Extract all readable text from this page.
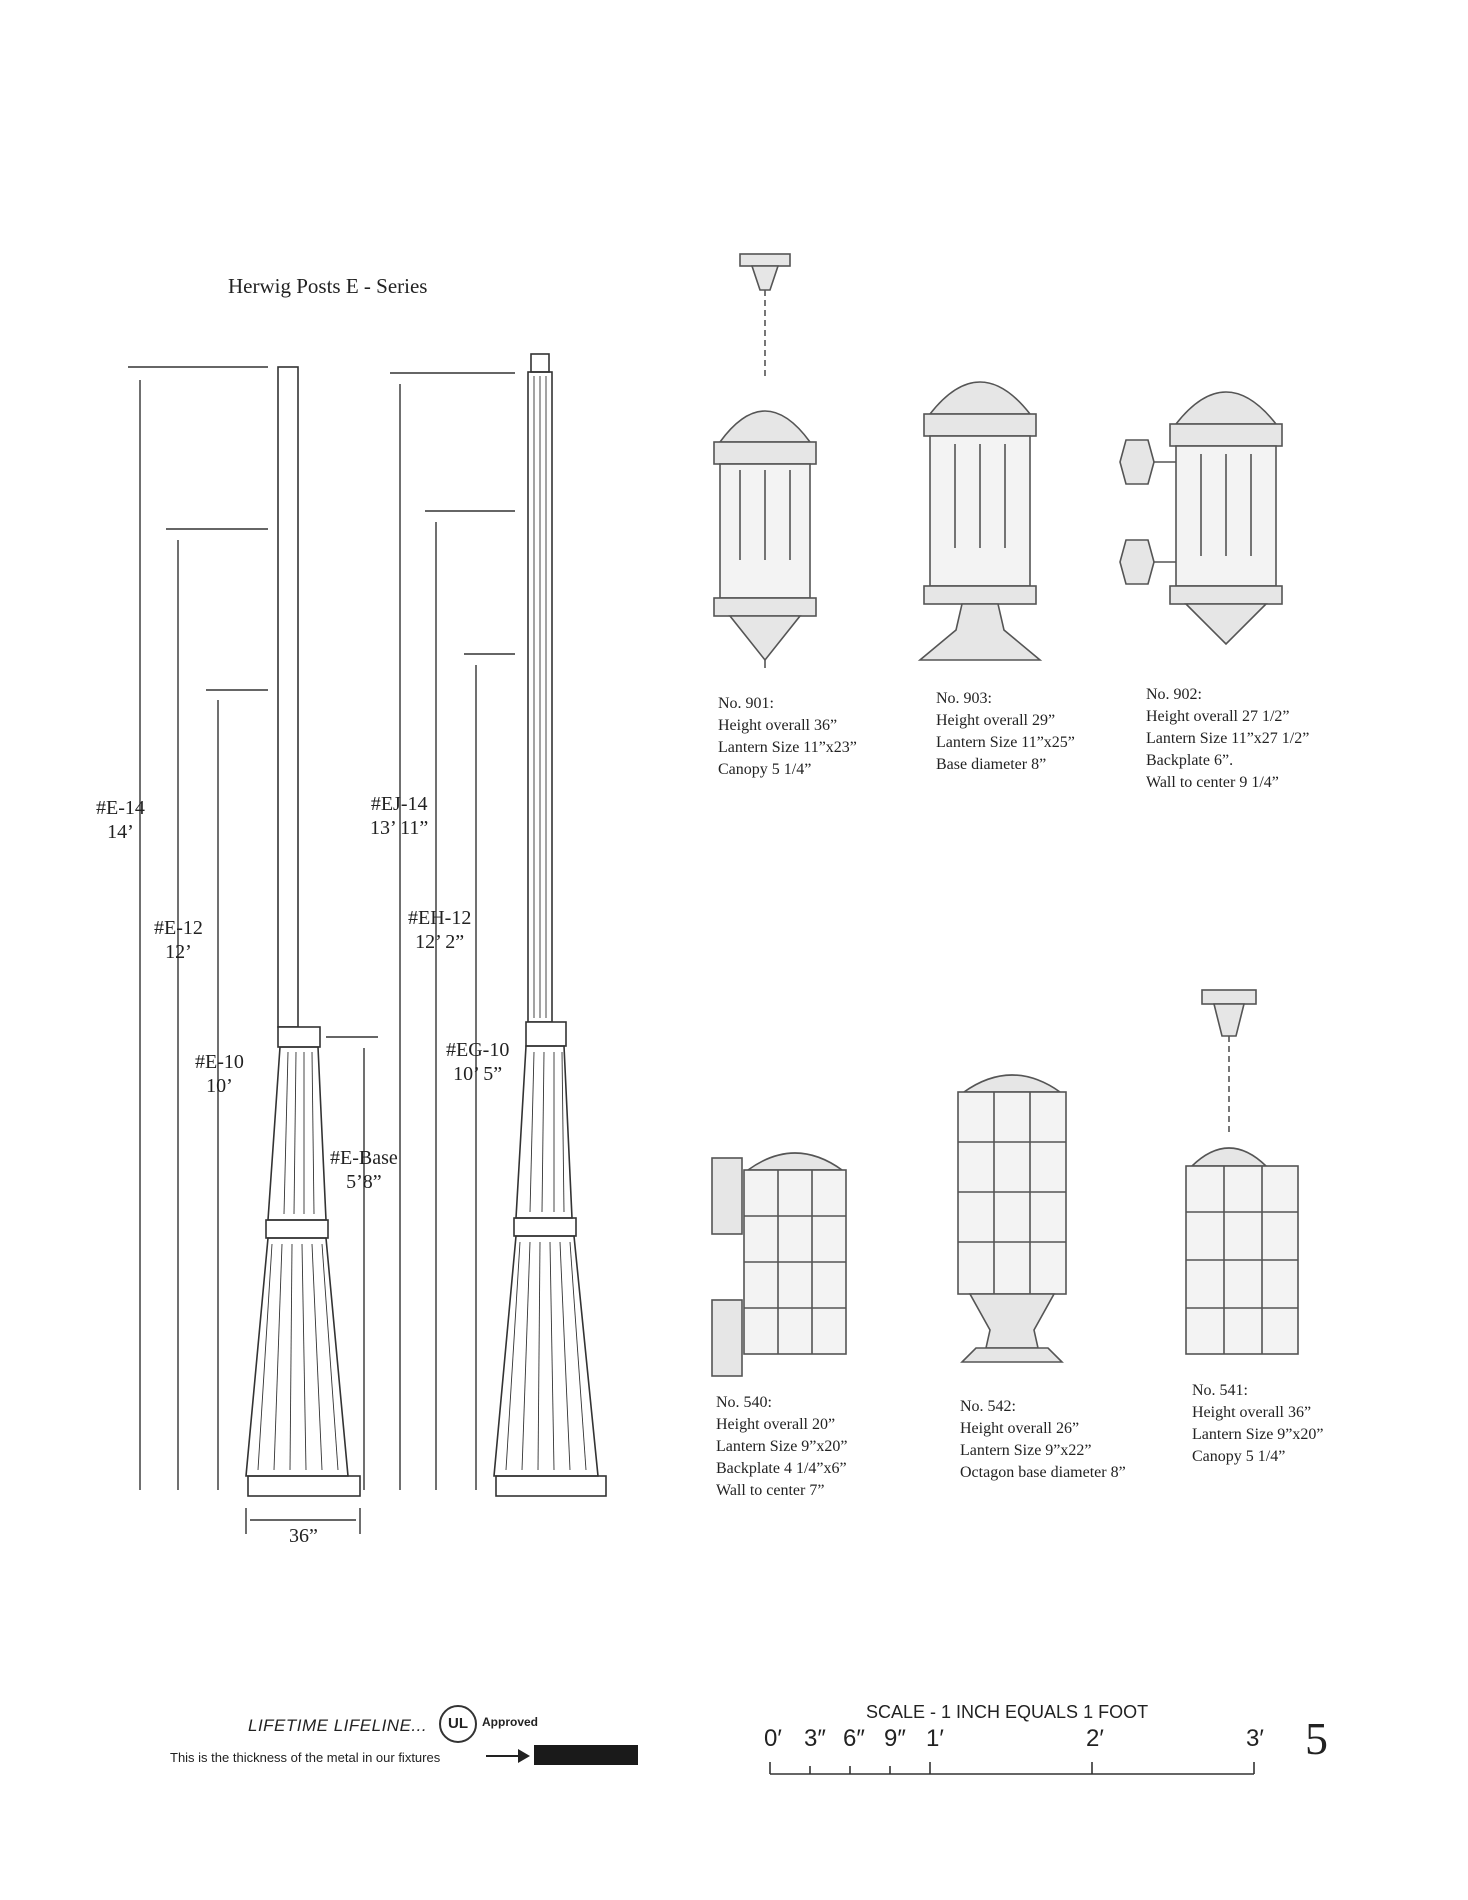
Herwig Posts E - Series
#E-14
14’
#E-12
12’
#E-10
10’
#E-Base
5’8”
36”
#EJ-14
13’ 11”
#EH-12
12’ 2”
#EG-10
10’ 5”
No. 901:
Height overall 36”
Lantern Size 11”x23”
Canopy 5 1/4”
No. 903:
Height overall 29”
Lantern Size 11”x25”
Base diameter 8”
No. 902:
Height overall 27 1/2”
Lantern Size 11”x27 1/2”
Backplate 6”.
Wall to center 9 1/4”
No. 540:
Height overall 20”
Lantern Size 9”x20”
Backplate 4 1/4”x6”
Wall to center 7”
No. 542:
Height overall 26”
Lantern Size 9”x22”
Octagon base diameter 8”
No. 541:
Height overall 36”
Lantern Size 9”x20”
Canopy 5 1/4”
LIFETIME LIFELINE...	UL	Approved
This is the thickness of the metal in our fixtures
SCALE - 1 INCH EQUALS 1 FOOT
0′ 3″ 6″ 9″ 1′	2′	3′ 5
